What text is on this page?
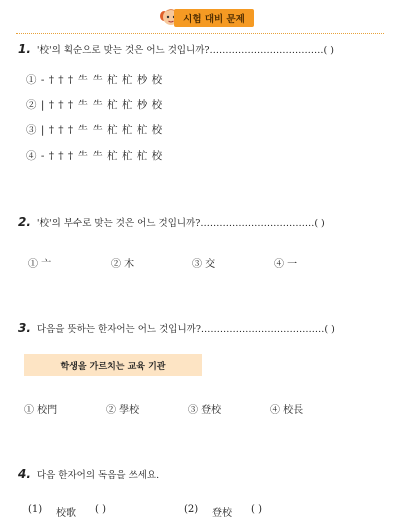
시험 대비 문제
1. '校'의 획순으로 맞는 것은 어느 것입니까?………………………………( )
① - † † † ⺧ ⺧ 杧 杧 杪 校
② | † † † ⺧ ⺧ 杧 杧 杪 校
③ | † † † ⺧ ⺧ 杧 杧 杧 校
④ - † † † ⺧ ⺧ 杧 杧 杧 校
2. '校'의 부수로 맞는 것은 어느 것입니까?………………………………( )
① 亠	② 木	③ 交	④ 一
3. 다음을 뜻하는 한자어는 어느 것입니까?…………………………………( )
학생을 가르치는 교육 기관
① 校門	② 學校	③ 登校	④ 校長
4. 다음 한자어의 독음을 쓰세요.
(1) 校歌 ( )	(2) 登校 ( )
